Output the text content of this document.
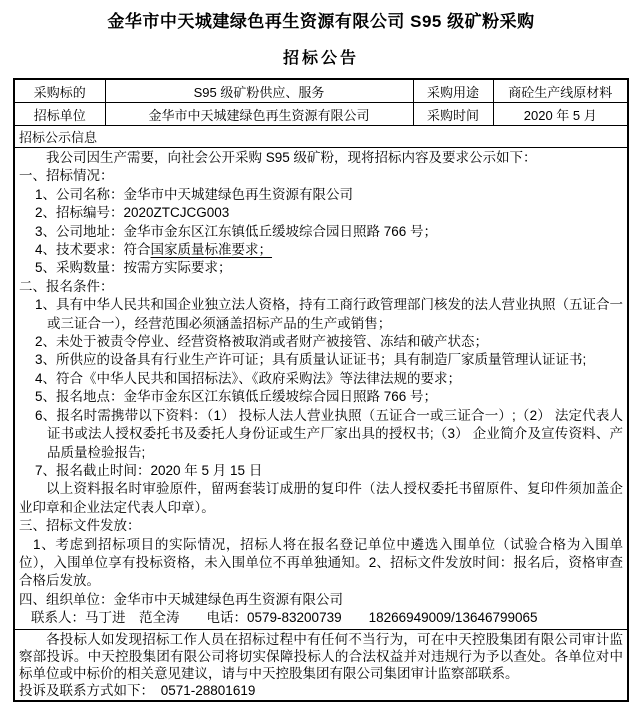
金华市中天城建绿色再生资源有限公司 S95 级矿粉采购
招标公告
采购标的	S95 级矿粉供应、服务	采购用途	商砼生产线原材料
招标单位	金华市中天城建绿色再生资源有限公司	采购时间	2020 年 5 月
招标公示信息			

我公司因生产需要，向社会公开采购 S95 级矿粉，现将招标内容及要求公示如下：

一、招标情况：

1、公司名称：金华市中天城建绿色再生资源有限公司

2、招标编号：2020ZTCJCG003

3、公司地址：金华市金东区江东镇低丘缓坡综合园日照路 766 号；

4、技术要求：符合国家质量标准要求；

5、采购数量：按需方实际要求；

二、报名条件：

1、具有中华人民共和国企业独立法人资格，持有工商行政管理部门核发的法人营业执照（五证合一或三证合一），经营范围必须涵盖招标产品的生产或销售；

2、未处于被责令停业、经营资格被取消或者财产被接管、冻结和破产状态；

3、所供应的设备具有行业生产许可证；具有质量认证证书；具有制造厂家质量管理认证证书;

4、符合《中华人民共和国招标法》、《政府采购法》等法律法规的要求；

5、报名地点：金华市金东区江东镇低丘缓坡综合园日照路 766 号；

6、报名时需携带以下资料：（1） 投标人法人营业执照（五证合一或三证合一）;（2） 法定代表人证书或法人授权委托书及委托人身份证或生产厂家出具的授权书;（3） 企业简介及宣传资料、产品质量检验报告;

7、报名截止时间：2020 年 5 月 15 日

以上资料报名时审验原件，留两套装订成册的复印件（法人授权委托书留原件、复印件须加盖企业印章和企业法定代表人印章）。

三、招标文件发放：

1、考虑到招标项目的实际情况，招标人将在报名登记单位中遴选入围单位（试验合格为入围单位），入围单位享有投标资格，未入围单位不再单独通知。2、招标文件发放时间：报名后，资格审查合格后发放。

四、组织单位：金华市中天城建绿色再生资源有限公司

联系人：马丁进　范全涛　　电话：0579-83200739　　18266949009/13646799065

各投标人如发现招标工作人员在招标过程中有任何不当行为，可在中天控股集团有限公司审计监察部投诉。中天控股集团有限公司将切实保障投标人的合法权益并对违规行为予以查处。各单位对中标单位或中标价的相关意见建议，请与中天控股集团有限公司集团审计监察部联系。

投诉及联系方式如下：　0571-28801619			
